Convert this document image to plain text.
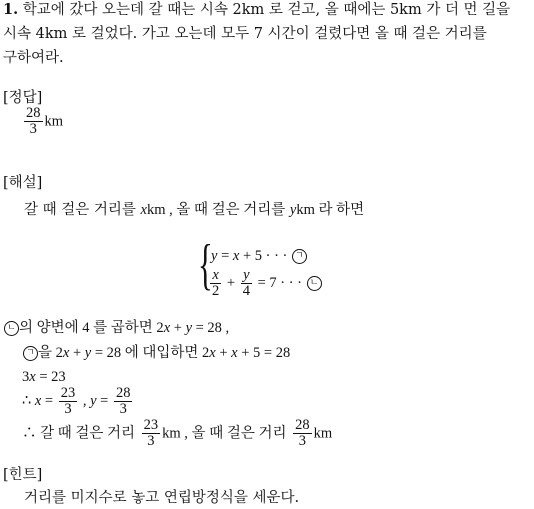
1. 학교에 갔다 오는데 갈 때는 시속 2km 로 걷고, 올 때에는 5km 가 더 먼 길을
시속 4km 로 걸었다. 가고 오는데 모두 7 시간이 걸렸다면 올 때 걸은 거리를
구하여라.
[정답]
$\frac{28}{3}$ km
[해설]
갈 때 걸은 거리를 xkm , 올 때 걸은 거리를 ykm 라 하면
{
y = x + 5 · · · ㄱ
$\frac{x}{2} + \frac{y}{4} = 7$ · · · ㄴ
ㄴ 의 양변에 4 를 곱하면 2x + y = 28 ,
ㄱ 을 2x + y = 28 에 대입하면 2x + x + 5 = 28
3x = 23
∴ $x = \frac{23}{3}$ , $y = \frac{28}{3}$
∴ 갈 때 걸은 거리 $\frac{23}{3}$ km , 올 때 걸은 거리 $\frac{28}{3}$ km
[힌트]
거리를 미지수로 놓고 연립방정식을 세운다.
